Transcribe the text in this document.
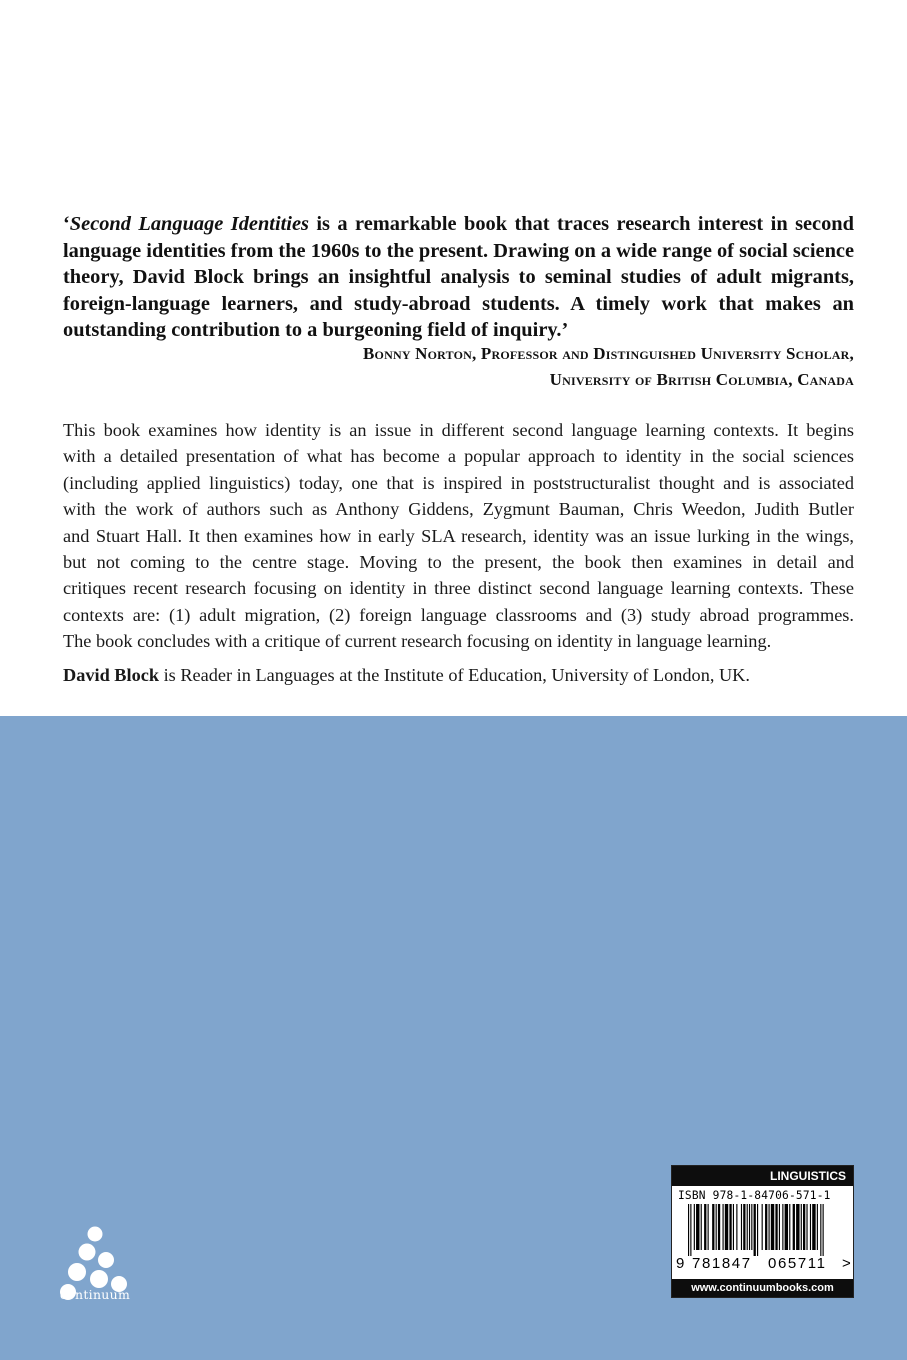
‘Second Language Identities is a remarkable book that traces research interest in second language identities from the 1960s to the present. Drawing on a wide range of social science theory, David Block brings an insightful analysis to seminal studies of adult migrants, foreign-language learners, and study-abroad students. A timely work that makes an outstanding contribution to a burgeoning field of inquiry.’

Bonny Norton, Professor and Distinguished University Scholar,
University of British Columbia, Canada

This book examines how identity is an issue in different second language learning contexts. It begins
with a detailed presentation of what has become a popular approach to identity in the social sciences
(including applied linguistics) today, one that is inspired in poststructuralist thought and is associated
with the work of authors such as Anthony Giddens, Zygmunt Bauman, Chris Weedon, Judith Butler
and Stuart Hall. It then examines how in early SLA research, identity was an issue lurking in the wings,
but not coming to the centre stage. Moving to the present, the book then examines in detail and
critiques recent research focusing on identity in three distinct second language learning contexts. These
contexts are: (1) adult migration, (2) foreign language classrooms and (3) study abroad programmes.
The book concludes with a critique of current research focusing on identity in language learning.

David Block is Reader in Languages at the Institute of Education, University of London, UK.

continuum
LINGUISTICS
ISBN 978-1-84706-571-1
9 781847 065711 >
www.continuumbooks.com
